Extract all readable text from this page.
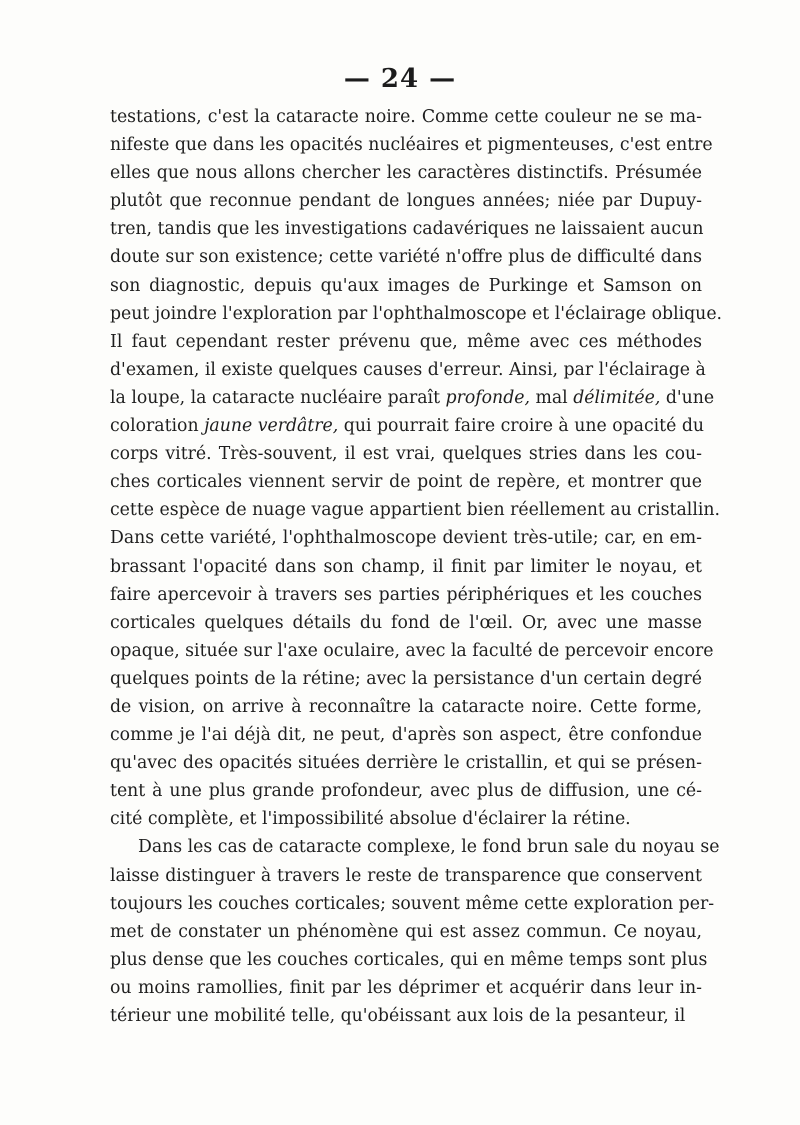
— 24 —
testations, c'est la cataracte noire. Comme cette couleur ne se ma-
nifeste que dans les opacités nucléaires et pigmenteuses, c'est entre
elles que nous allons chercher les caractères distinctifs. Présumée
plutôt que reconnue pendant de longues années; niée par Dupuy-
tren, tandis que les investigations cadavériques ne laissaient aucun
doute sur son existence; cette variété n'offre plus de difficulté dans
son diagnostic, depuis qu'aux images de Purkinge et Samson on
peut joindre l'exploration par l'ophthalmoscope et l'éclairage oblique.
Il faut cependant rester prévenu que, même avec ces méthodes
d'examen, il existe quelques causes d'erreur. Ainsi, par l'éclairage à
la loupe, la cataracte nucléaire paraît profonde, mal délimitée, d'une
coloration jaune verdâtre, qui pourrait faire croire à une opacité du
corps vitré. Très-souvent, il est vrai, quelques stries dans les cou-
ches corticales viennent servir de point de repère, et montrer que
cette espèce de nuage vague appartient bien réellement au cristallin.
Dans cette variété, l'ophthalmoscope devient très-utile; car, en em-
brassant l'opacité dans son champ, il finit par limiter le noyau, et
faire apercevoir à travers ses parties périphériques et les couches
corticales quelques détails du fond de l'œil. Or, avec une masse
opaque, située sur l'axe oculaire, avec la faculté de percevoir encore
quelques points de la rétine; avec la persistance d'un certain degré
de vision, on arrive à reconnaître la cataracte noire. Cette forme,
comme je l'ai déjà dit, ne peut, d'après son aspect, être confondue
qu'avec des opacités situées derrière le cristallin, et qui se présen-
tent à une plus grande profondeur, avec plus de diffusion, une cé-
cité complète, et l'impossibilité absolue d'éclairer la rétine.
Dans les cas de cataracte complexe, le fond brun sale du noyau se
laisse distinguer à travers le reste de transparence que conservent
toujours les couches corticales; souvent même cette exploration per-
met de constater un phénomène qui est assez commun. Ce noyau,
plus dense que les couches corticales, qui en même temps sont plus
ou moins ramollies, finit par les déprimer et acquérir dans leur in-
térieur une mobilité telle, qu'obéissant aux lois de la pesanteur, il
